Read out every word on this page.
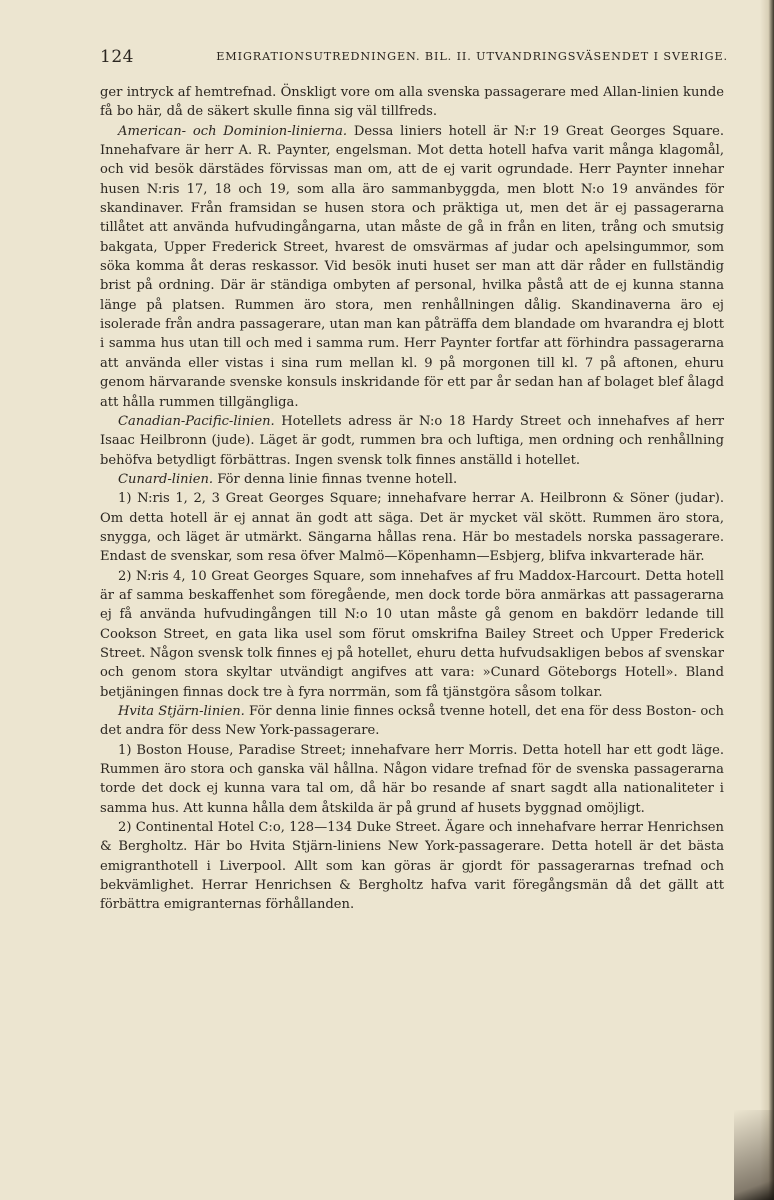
124	EMIGRATIONSUTREDNINGEN. BIL. II. UTVANDRINGSVÄSENDET I SVERIGE.

ger intryck af hemtrefnad. Önskligt vore om alla svenska passagerare med Allan-linien kunde få bo här, då de säkert skulle finna sig väl tillfreds.

American- och Dominion-linierna. Dessa liniers hotell är N:r 19 Great Georges Square. Innehafvare är herr A. R. Paynter, engelsman. Mot detta hotell hafva varit många klagomål, och vid besök därstädes förvissas man om, att de ej varit ogrundade. Herr Paynter innehar husen N:ris 17, 18 och 19, som alla äro sammanbyggda, men blott N:o 19 användes för skandinaver. Från framsidan se husen stora och präktiga ut, men det är ej passagerarna tillåtet att använda hufvudingångarna, utan måste de gå in från en liten, trång och smutsig bakgata, Upper Frederick Street, hvarest de omsvärmas af judar och apelsingummor, som söka komma åt deras reskassor. Vid besök inuti huset ser man att där råder en fullständig brist på ordning. Där är ständiga ombyten af personal, hvilka påstå att de ej kunna stanna länge på platsen. Rummen äro stora, men renhållningen dålig. Skandinaverna äro ej isolerade från andra passagerare, utan man kan påträffa dem blandade om hvarandra ej blott i samma hus utan till och med i samma rum. Herr Paynter fortfar att förhindra passagerarna att använda eller vistas i sina rum mellan kl. 9 på morgonen till kl. 7 på aftonen, ehuru genom härvarande svenske konsuls inskridande för ett par år sedan han af bolaget blef ålagd att hålla rummen tillgängliga.

Canadian-Pacific-linien. Hotellets adress är N:o 18 Hardy Street och innehafves af herr Isaac Heilbronn (jude). Läget är godt, rummen bra och luftiga, men ordning och renhållning behöfva betydligt förbättras. Ingen svensk tolk finnes anställd i hotellet.

Cunard-linien. För denna linie finnas tvenne hotell.

1) N:ris 1, 2, 3 Great Georges Square; innehafvare herrar A. Heilbronn & Söner (judar). Om detta hotell är ej annat än godt att säga. Det är mycket väl skött. Rummen äro stora, snygga, och läget är utmärkt. Sängarna hållas rena. Här bo mestadels norska passagerare. Endast de svenskar, som resa öfver Malmö—Köpenhamn—Esbjerg, blifva inkvarterade här.

2) N:ris 4, 10 Great Georges Square, som innehafves af fru Maddox-Harcourt. Detta hotell är af samma beskaffenhet som föregående, men dock torde böra anmärkas att passagerarna ej få använda hufvudingången till N:o 10 utan måste gå genom en bakdörr ledande till Cookson Street, en gata lika usel som förut omskrifna Bailey Street och Upper Frederick Street. Någon svensk tolk finnes ej på hotellet, ehuru detta hufvudsakligen bebos af svenskar och genom stora skyltar utvändigt angifves att vara: »Cunard Göteborgs Hotell». Bland betjäningen finnas dock tre à fyra norrmän, som få tjänstgöra såsom tolkar.

Hvita Stjärn-linien. För denna linie finnes också tvenne hotell, det ena för dess Boston- och det andra för dess New York-passagerare.

1) Boston House, Paradise Street; innehafvare herr Morris. Detta hotell har ett godt läge. Rummen äro stora och ganska väl hållna. Någon vidare trefnad för de svenska passagerarna torde det dock ej kunna vara tal om, då här bo resande af snart sagdt alla nationaliteter i samma hus. Att kunna hålla dem åtskilda är på grund af husets byggnad omöjligt.

2) Continental Hotel C:o, 128—134 Duke Street. Ägare och innehafvare herrar Henrichsen & Bergholtz. Här bo Hvita Stjärn-liniens New York-passagerare. Detta hotell är det bästa emigranthotell i Liverpool. Allt som kan göras är gjordt för passagerarnas trefnad och bekvämlighet. Herrar Henrichsen & Bergholtz hafva varit föregångsmän då det gällt att förbättra emigranternas förhållanden.
